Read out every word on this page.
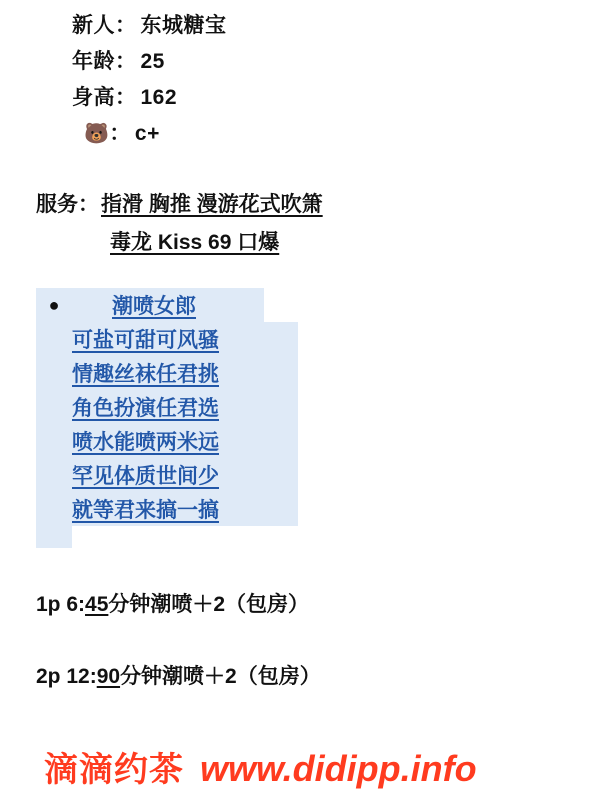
新人： 东城糖宝
年龄： 25
身高： 162
🐻 ： c+
服务： 指滑 胸推 漫游花式吹箫
毒龙 Kiss 69 口爆
●	潮喷女郎
可盐可甜可风骚
情趣丝袜任君挑
角色扮演任君选
喷水能喷两米远
罕见体质世间少
就等君来搞一搞
1p 6:45分钟潮喷＋2（包房）
2p 12:90分钟潮喷＋2（包房）
滴滴约茶 www.didipp.info
